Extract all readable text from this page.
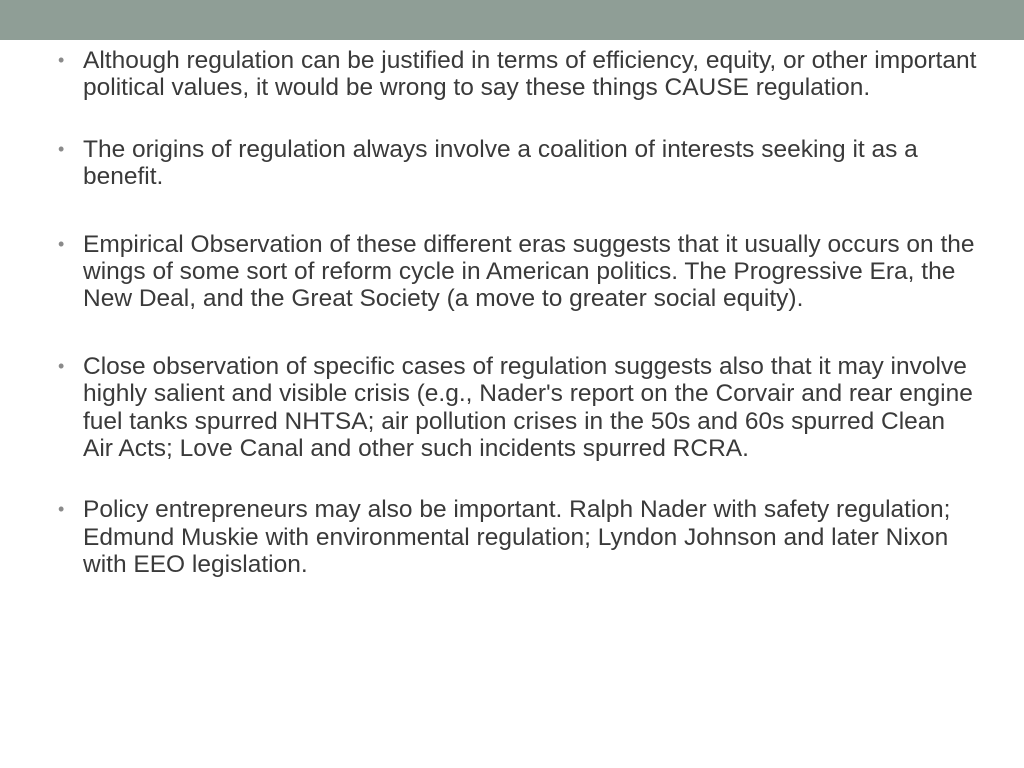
• Although regulation can be justified in terms of efficiency, equity, or other important political values, it would be wrong to say these things CAUSE regulation.
• The origins of regulation always involve a coalition of interests seeking it as a benefit.
• Empirical Observation of these different eras suggests that it usually occurs on the wings of some sort of reform cycle in American politics. The Progressive Era, the New Deal, and the Great Society (a move to greater social equity).
• Close observation of specific cases of regulation suggests also that it may involve highly salient and visible crisis (e.g., Nader's report on the Corvair and rear engine fuel tanks spurred NHTSA; air pollution crises in the 50s and 60s spurred Clean Air Acts; Love Canal and other such incidents spurred RCRA.
• Policy entrepreneurs may also be important. Ralph Nader with safety regulation; Edmund Muskie with environmental regulation; Lyndon Johnson and later Nixon with EEO legislation.
